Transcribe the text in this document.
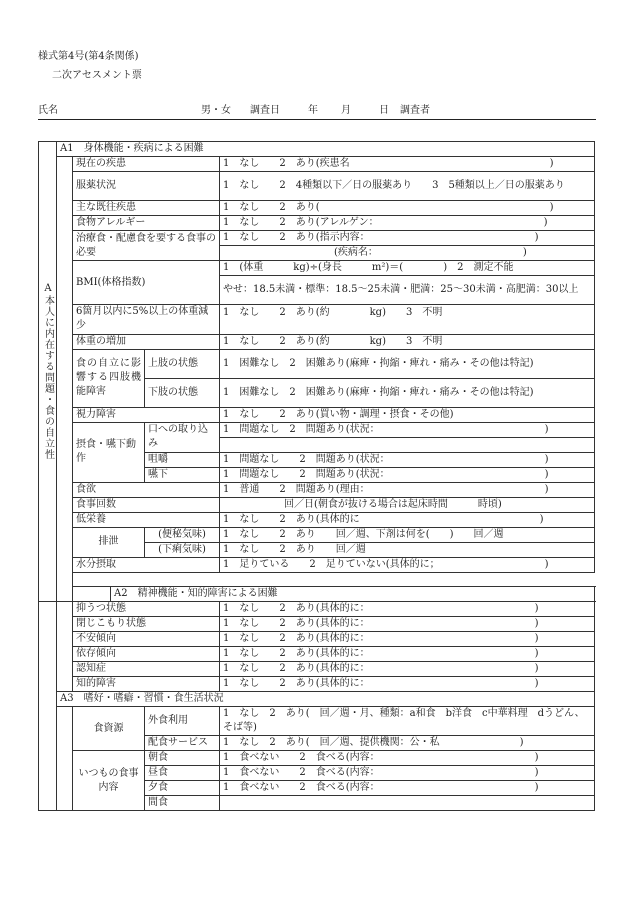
様式第4号(第4条関係)
二次アセスメント票
氏名	男・女 調査日	年 月	日 調査者
A本人に内在する問題・食の自立性	A1　身体機能・疾病による困難				
		現在の疾患			1　なし　　2　あり(疾患名　　　　　　　　　　　　　　　　　　　　)
		服薬状況			1　なし　　2　4種類以下／日の服薬あり　　3　5種類以上／日の服薬あり

		主な既往疾患			1　なし　　2　あり(　　　　　　　　　　　　　　　　　　　　　　　)
		食物アレルギー			1　なし　　2　あり(アレルゲン：　　　　　　　　　　　　　　　　　)
		治療食・配慮食を要する食事の必要			1　なし　　2　あり(指示内容：　　　　　　　　　　　　　　　　　)
					(疾病名：　　　　　　　　　　　　　　　)
		BMI(体格指数)			1　(体重　　　kg)÷(身長　　　m²)＝(　　　　)　2　測定不能
					やせ：18.5未満・標準：18.5～25未満・肥満：25～30未満・高肥満：30以上

		6箇月以内に5%以上の体重減少			1　なし　　2　あり(約　　　　kg)　　3　不明

		体重の増加			1　なし　　2　あり(約　　　　kg)　　3　不明
		食の自立に影響する四肢機能障害		上肢の状態	1　困難なし　2　困難あり(麻痺・拘縮・痺れ・痛み・その他は特記)

				下肢の状態	1　困難なし　2　困難あり(麻痺・拘縮・痺れ・痛み・その他は特記)

		視力障害			1　なし　　2　あり(買い物・調理・摂食・その他)
		摂食・嚥下動作		口への取り込み	1　問題なし　2　問題あり(状況：　　　　　　　　　　　　　　　　　)

				咀嚼	1　問題なし　　2　問題あり(状況：　　　　　　　　　　　　　　　　)
				嚥下	1　問題なし　　2　問題あり(状況：　　　　　　　　　　　　　　　　)
		食欲			1　普通　　2　問題あり(理由：　　　　　　　　　　　　　　　　　　)
		食事回数			回／日(朝食が抜ける場合は起床時間　　　時頃)
		低栄養			1　なし　　2　あり(具体的に　　　　　　　　　　　　　　　　　　)
		排泄		(便秘気味)	1　なし　　2　あり　　回／週、下剤は何を(　　)　　回／週
				(下痢気味)	1　なし　　2　あり　　回／週
		水分摂取			1　足りている　　2　足りていない(具体的に；　　　　　　　　　　　)

			A2　精神機能・知的障害による困難		
		抑うつ状態			1　なし　　2　あり(具体的に：　　　　　　　　　　　　　　　　　)
		閉じこもり状態			1　なし　　2　あり(具体的に：　　　　　　　　　　　　　　　　　)
		不安傾向			1　なし　　2　あり(具体的に：　　　　　　　　　　　　　　　　　)
		依存傾向			1　なし　　2　あり(具体的に：　　　　　　　　　　　　　　　　　)
		認知症			1　なし　　2　あり(具体的に：　　　　　　　　　　　　　　　　　)
		知的障害			1　なし　　2　あり(具体的に：　　　　　　　　　　　　　　　　　)
	A3　嗜好・嗜癖・習慣・食生活状況				
		食資源		外食利用	1　なし　2　あり(　回／週・月、種類：a和食　b洋食　c中華料理　dうどん、そば等)

				配食サービス	1　なし　2　あり(　回／週、提供機関：公・私　　　　　　　　)
		いつもの食事内容		朝食	1　食べない　　2　食べる(内容：　　　　　　　　　　　　　　　　)
				昼食	1　食べない　　2　食べる(内容：　　　　　　　　　　　　　　　　)
				夕食	1　食べない　　2　食べる(内容：　　　　　　　　　　　　　　　　)
				間食	
